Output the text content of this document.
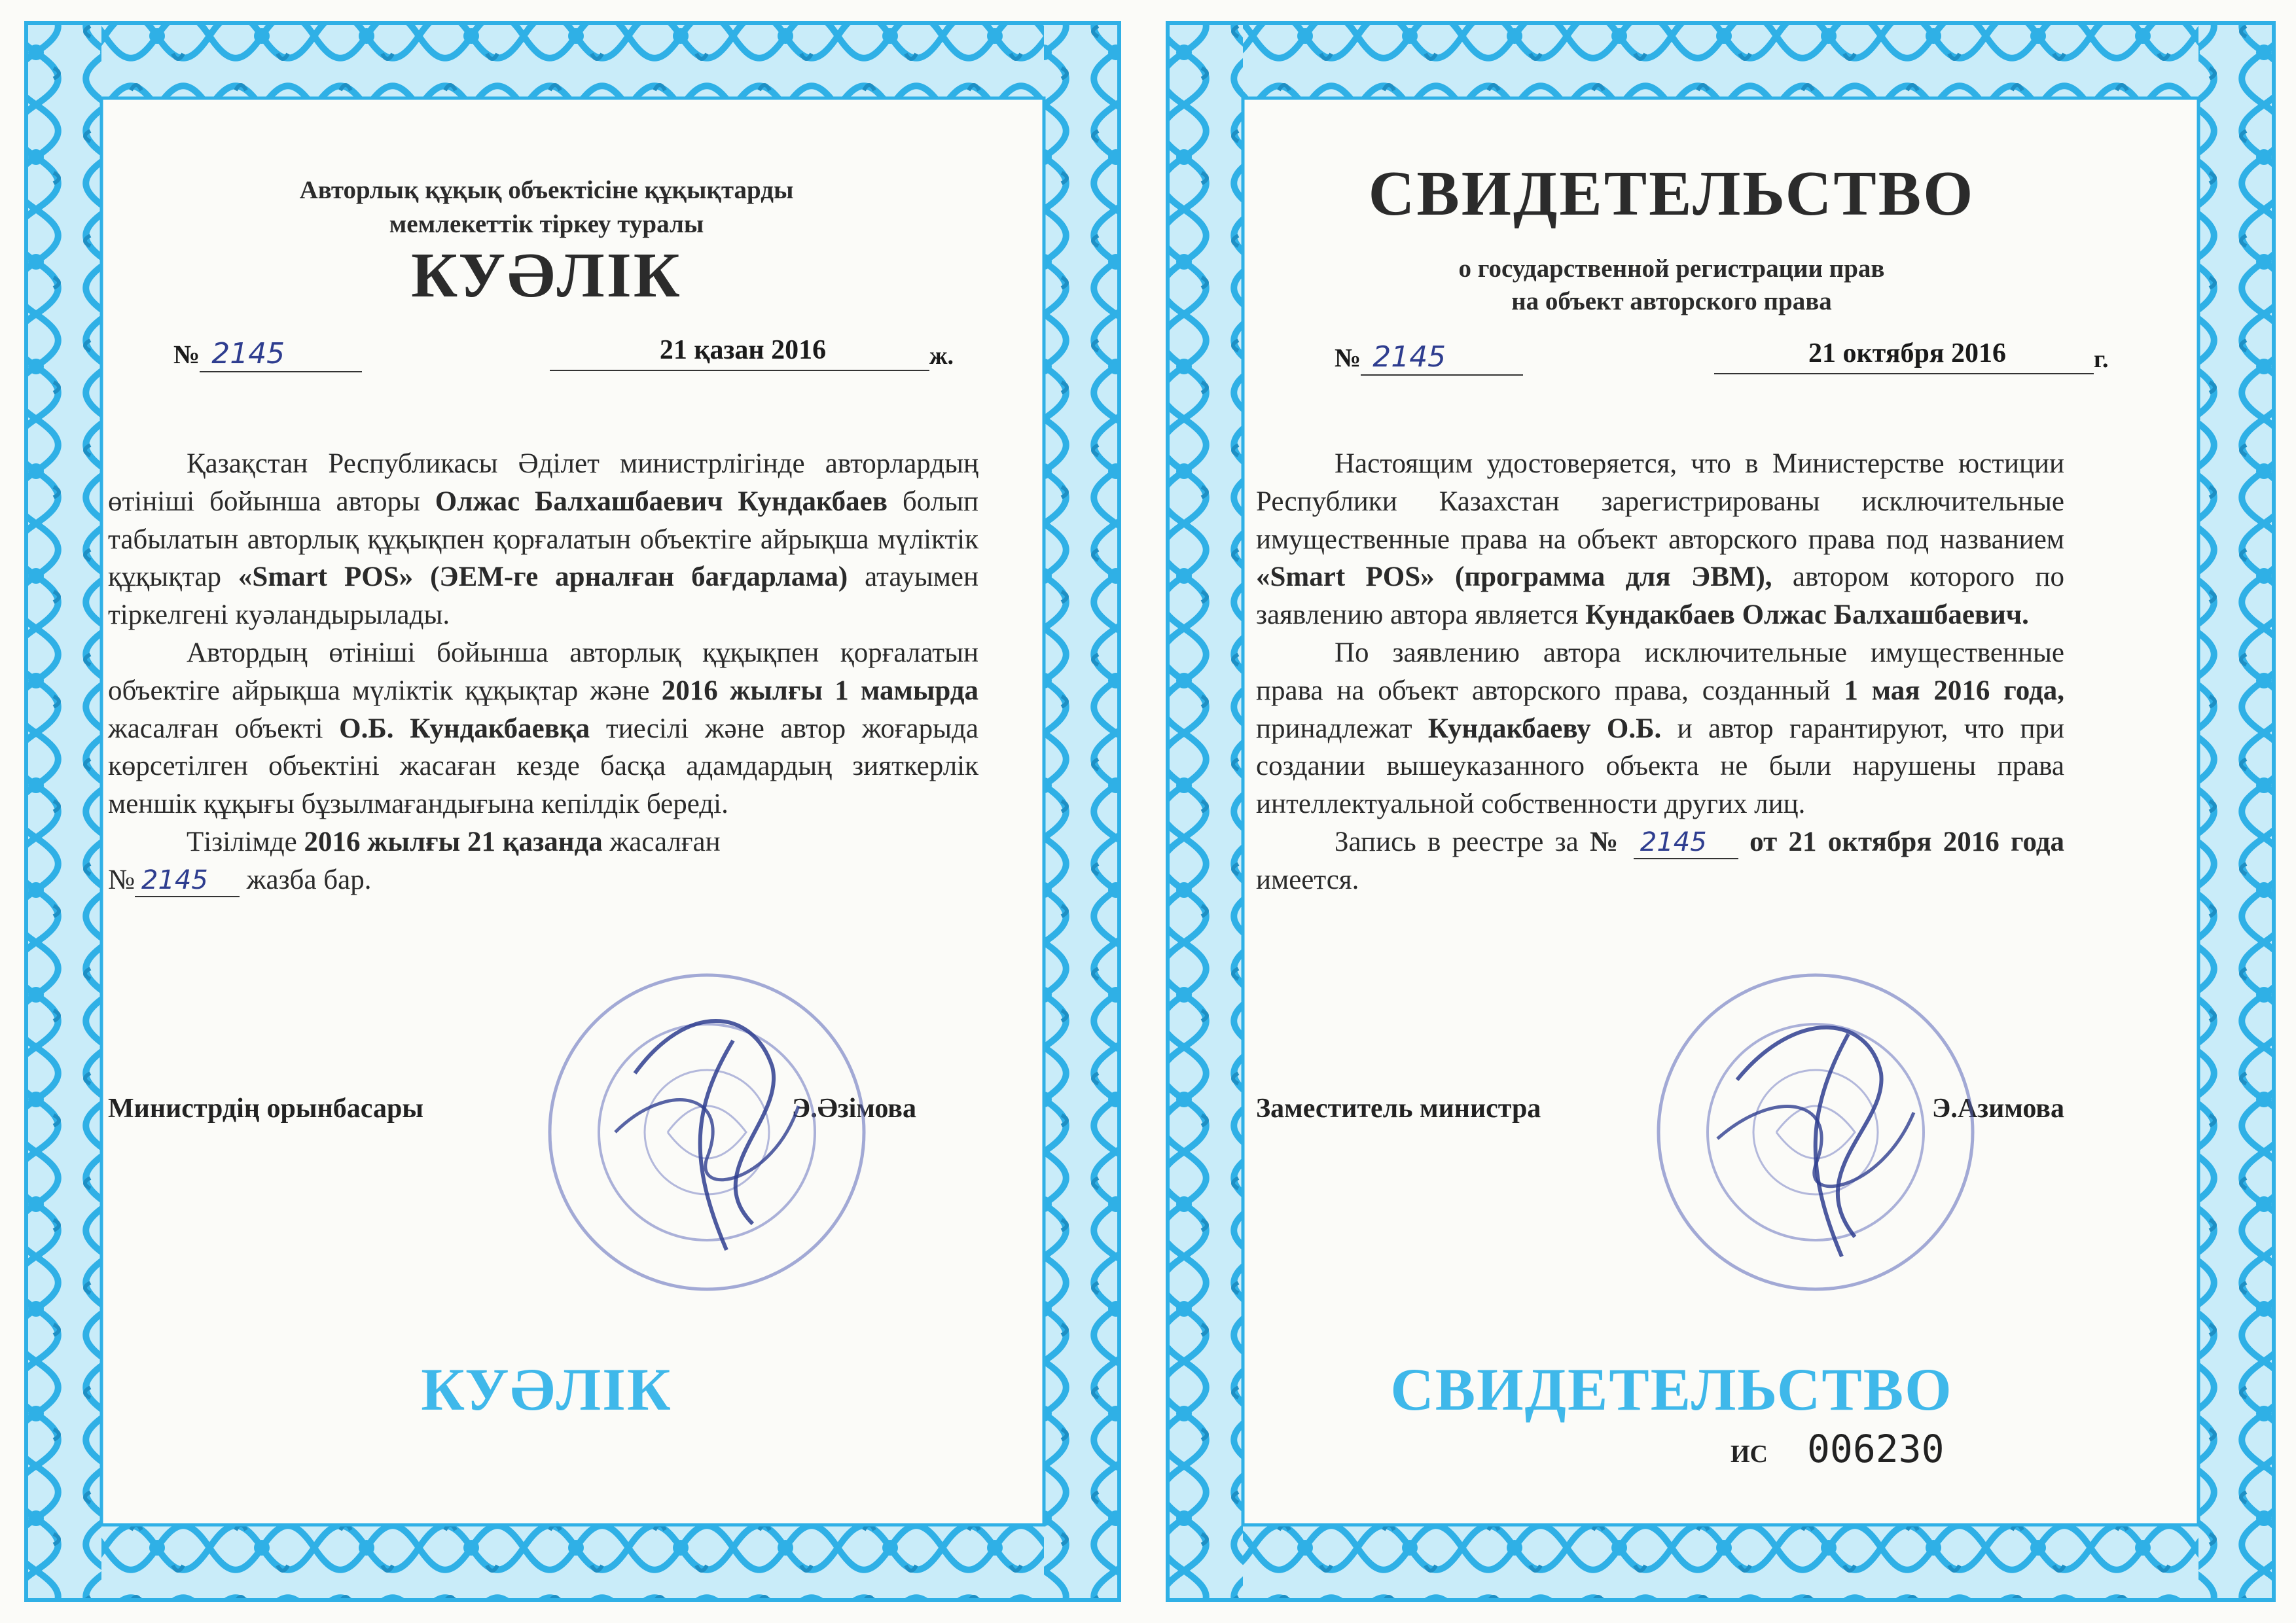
Авторлық құқық объектісіне құқықтарды
мемлекеттік тіркеу туралы
КУӘЛІК
№ 2145	21 қазан 2016	ж.

Қазақстан Республикасы Әділет министрлігінде авторлардың өтініші бойынша авторы Олжас Балхашбаевич Кундакбаев болып табылатын авторлық құқықпен қорғалатын объектіге айрықша мүліктік құқықтар «Smart POS» (ЭЕМ-ге арналған бағдарлама) атауымен тіркелгені куәландырылады.

Автордың өтініші бойынша авторлық құқықпен қорғалатын объектіге айрықша мүліктік құқықтар және 2016 жылғы 1 мамырда жасалған объекті О.Б. Кундакбаевқа тиесілі және автор жоғарыда көрсетілген объектіні жасаған кезде басқа адамдардың зияткерлік меншік құқығы бұзылмағандығына кепілдік береді.

Тізілімде 2016 жылғы 21 қазанда жасалған
№ 2145 жазба бар.

Министрдің орынбасары	Э.Әзімова
КУӘЛІК
СВИДЕТЕЛЬСТВО
о государственной регистрации прав
на объект авторского права
№ 2145	21 октября 2016	г.

Настоящим удостоверяется, что в Министерстве юстиции Республики Казахстан зарегистрированы исключительные имущественные права на объект авторского права под названием «Smart POS» (программа для ЭВМ), автором которого по заявлению автора является Кундакбаев Олжас Балхашбаевич.

По заявлению автора исключительные имущественные права на объект авторского права, созданный 1 мая 2016 года, принадлежат Кундакбаеву О.Б. и автор гарантируют, что при создании вышеуказанного объекта не были нарушены права интеллектуальной собственности других лиц.

Запись в реестре за № 2145 от 21 октября 2016 года имеется.

Заместитель министра	Э.Азимова
СВИДЕТЕЛЬСТВО
ИС 006230
